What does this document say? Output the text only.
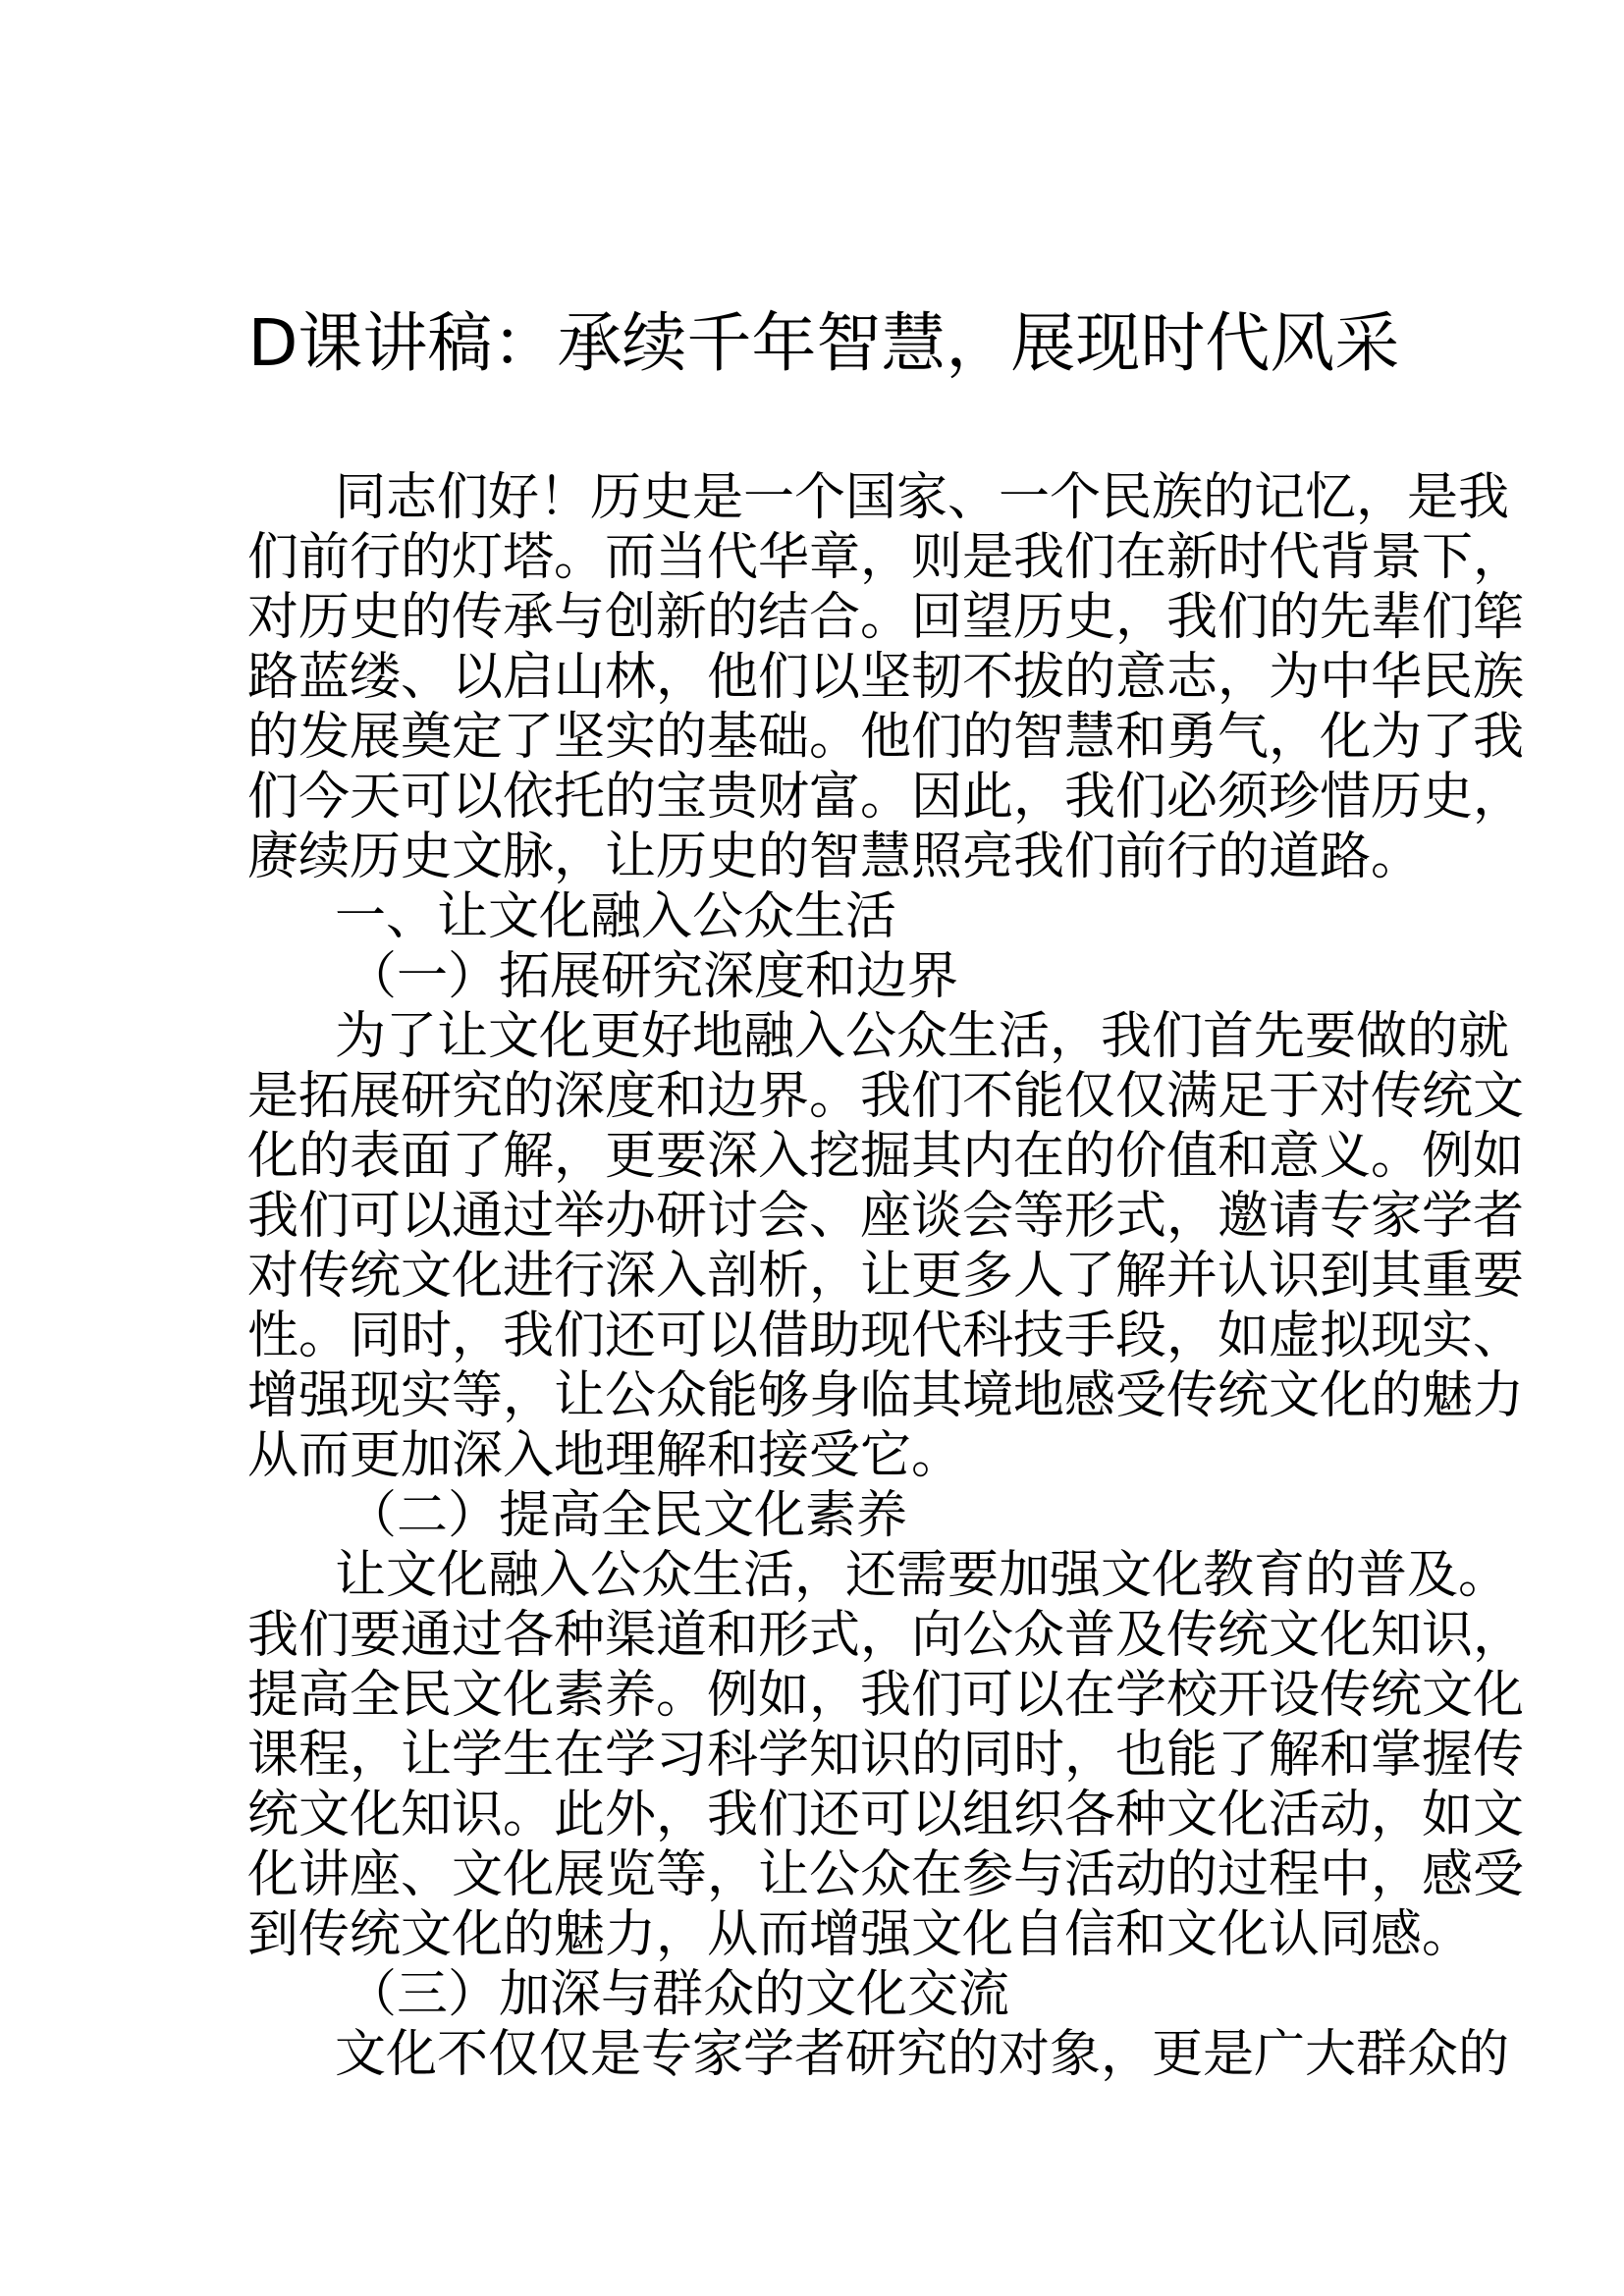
D课讲稿：承续千年智慧，展现时代风采
同志们好！历史是一个国家、一个民族的记忆，是我
们前行的灯塔。而当代华章，则是我们在新时代背景下，
对历史的传承与创新的结合。回望历史，我们的先辈们筚
路蓝缕、以启山林，他们以坚韧不拔的意志，为中华民族
的发展奠定了坚实的基础。他们的智慧和勇气，化为了我
们今天可以依托的宝贵财富。因此，我们必须珍惜历史，
赓续历史文脉，让历史的智慧照亮我们前行的道路。
一、让文化融入公众生活
（一）拓展研究深度和边界
为了让文化更好地融入公众生活，我们首先要做的就
是拓展研究的深度和边界。我们不能仅仅满足于对传统文
化的表面了解，更要深入挖掘其内在的价值和意义。例如
我们可以通过举办研讨会、座谈会等形式，邀请专家学者
对传统文化进行深入剖析，让更多人了解并认识到其重要
性。同时，我们还可以借助现代科技手段，如虚拟现实、
增强现实等，让公众能够身临其境地感受传统文化的魅力
从而更加深入地理解和接受它。
（二）提高全民文化素养
让文化融入公众生活，还需要加强文化教育的普及。
我们要通过各种渠道和形式，向公众普及传统文化知识，
提高全民文化素养。例如，我们可以在学校开设传统文化
课程，让学生在学习科学知识的同时，也能了解和掌握传
统文化知识。此外，我们还可以组织各种文化活动，如文
化讲座、文化展览等，让公众在参与活动的过程中，感受
到传统文化的魅力，从而增强文化自信和文化认同感。
（三）加深与群众的文化交流
文化不仅仅是专家学者研究的对象，更是广大群众的
